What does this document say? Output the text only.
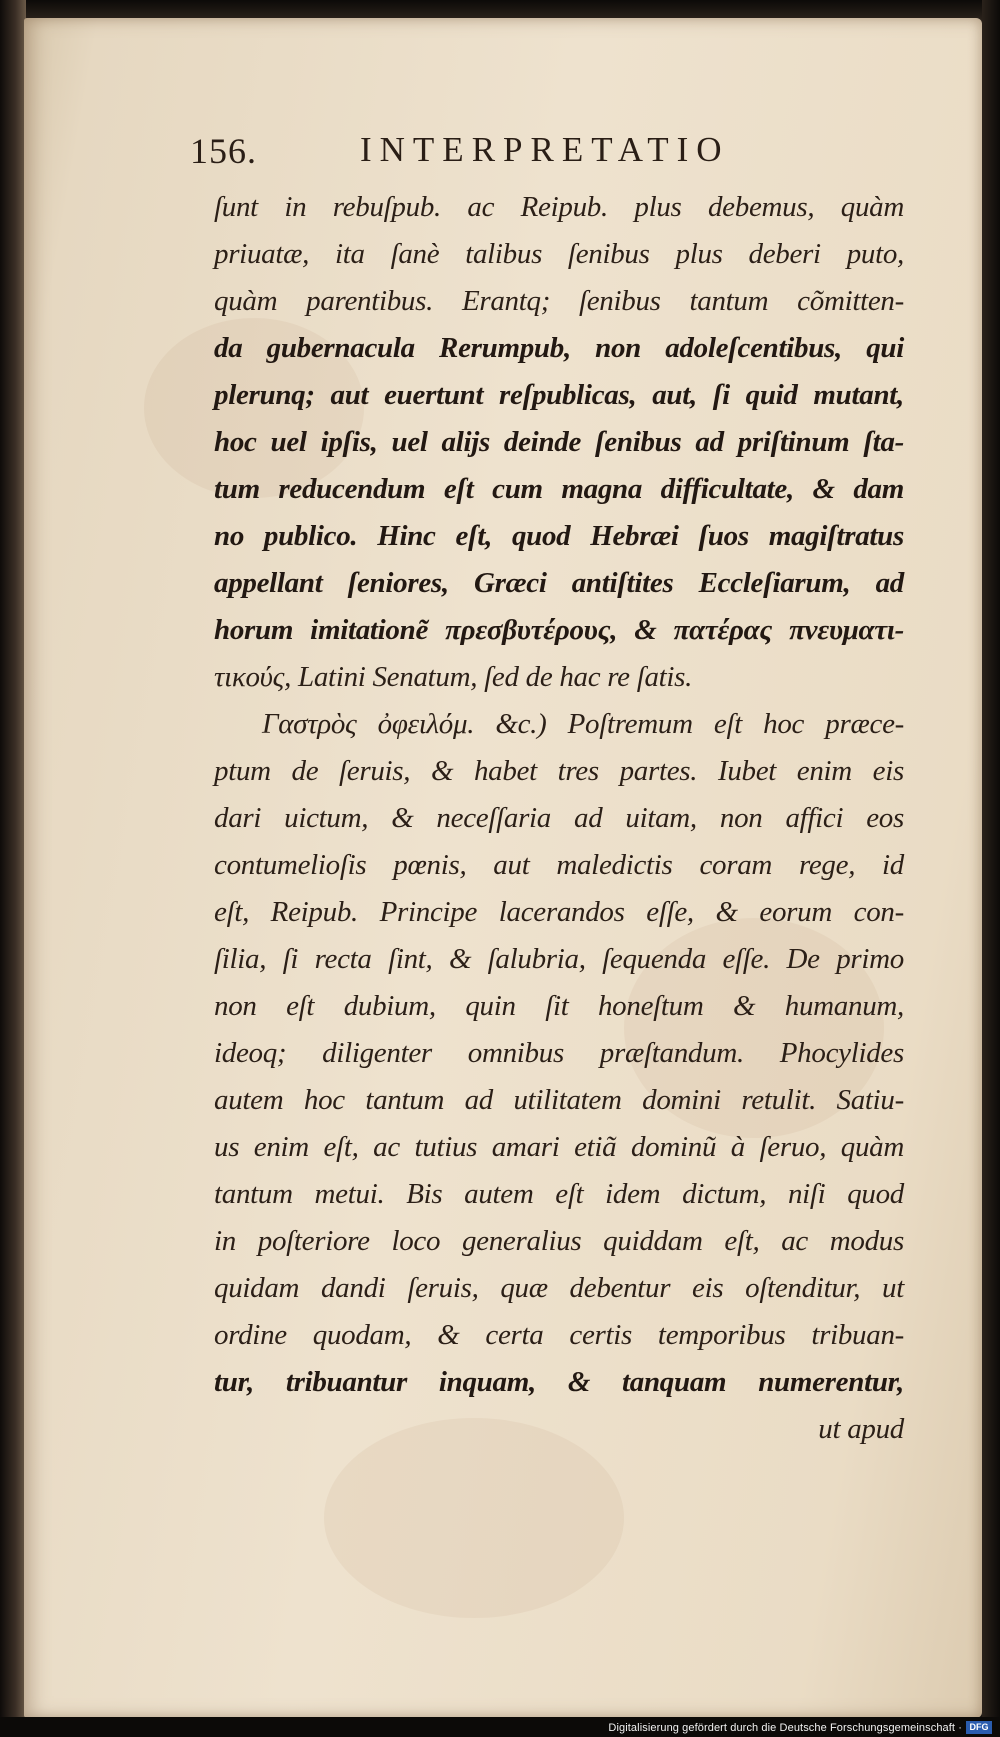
156.	INTERPRETATIO
ſunt in rebuſpub. ac Reipub. plus debemus, quàm
priuatæ, ita ſanè talibus ſenibus plus deberi puto,
quàm parentibus. Erantq; ſenibus tantum cõmitten-
da gubernacula Rerumpub, non adoleſcentibus, qui
plerunq; aut euertunt reſpublicas, aut, ſi quid mutant,
hoc uel ipſis, uel alijs deinde ſenibus ad priſtinum ſta-
tum reducendum eſt cum magna difficultate, & dam
no publico. Hinc eſt, quod Hebræi ſuos magiſtratus
appellant ſeniores, Græci antiſtites Eccleſiarum, ad
horum imitationẽ πρεσβυτέρους, & πατέρας πνευματι-
τικούς, Latini Senatum, ſed de hac re ſatis.
Γαστρὸς ὀφειλόμ. &c.) Poſtremum eſt hoc præce-
ptum de ſeruis, & habet tres partes. Iubet enim eis
dari uictum, & neceſſaria ad uitam, non affici eos
contumelioſis pœnis, aut maledictis coram rege, id
eſt, Reipub. Principe lacerandos eſſe, & eorum con-
ſilia, ſi recta ſint, & ſalubria, ſequenda eſſe. De primo
non eſt dubium, quin ſit honeſtum & humanum,
ideoq; diligenter omnibus præſtandum. Phocylides
autem hoc tantum ad utilitatem domini retulit. Satiu-
us enim eſt, ac tutius amari etiã dominũ à ſeruo, quàm
tantum metui. Bis autem eſt idem dictum, niſi quod
in poſteriore loco generalius quiddam eſt, ac modus
quidam dandi ſeruis, quæ debentur eis oſtenditur, ut
ordine quodam, & certa certis temporibus tribuan-
tur, tribuantur inquam, & tanquam numerentur,
ut apud
Digitalisierung gefördert durch die Deutsche Forschungsgemeinschaft · DFG
